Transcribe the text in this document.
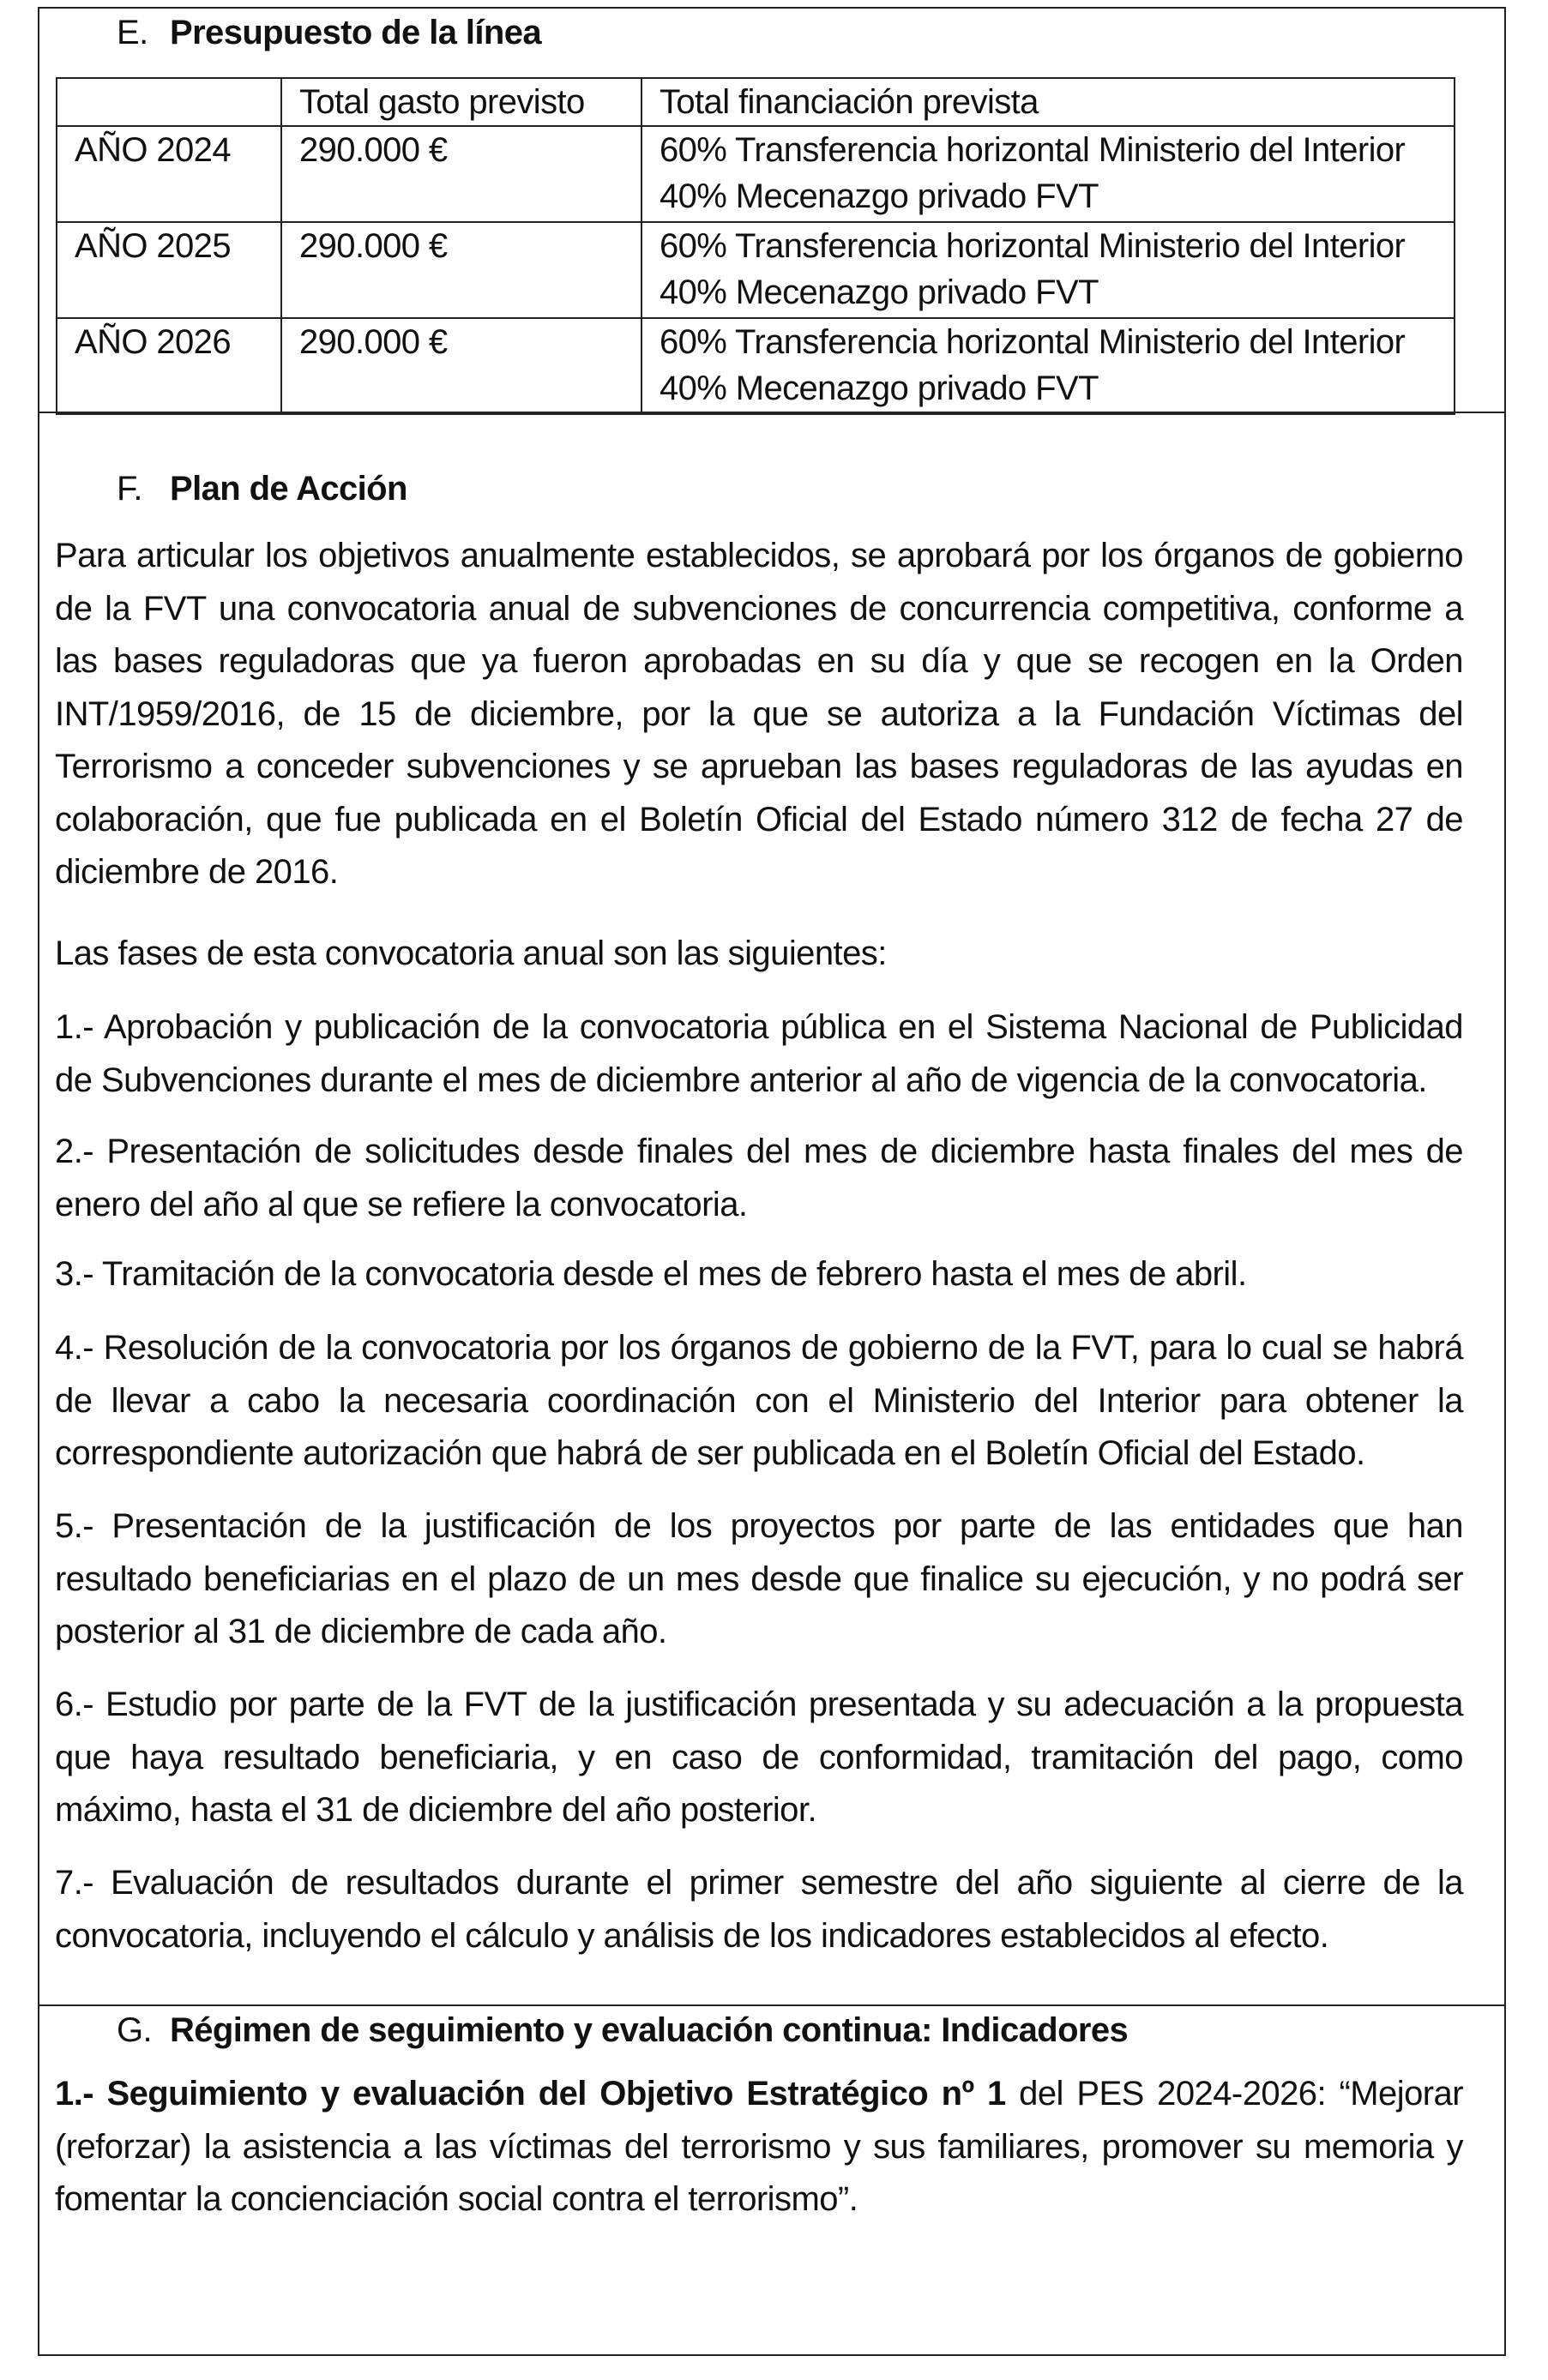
E. Presupuesto de la línea
	Total gasto previsto	Total financiación prevista
AÑO 2024	290.000 €	60% Transferencia horizontal Ministerio del Interior
40% Mecenazgo privado FVT

AÑO 2025	290.000 €	60% Transferencia horizontal Ministerio del Interior
40% Mecenazgo privado FVT

AÑO 2026	290.000 €	60% Transferencia horizontal Ministerio del Interior
40% Mecenazgo privado FVT
F. Plan de Acción

Para articular los objetivos anualmente establecidos, se aprobará por los órganos de gobierno de la FVT una convocatoria anual de subvenciones de concurrencia competitiva, conforme a las bases reguladoras que ya fueron aprobadas en su día y que se recogen en la Orden INT/1959/2016, de 15 de diciembre, por la que se autoriza a la Fundación Víctimas del Terrorismo a conceder subvenciones y se aprueban las bases reguladoras de las ayudas en colaboración, que fue publicada en el Boletín Oficial del Estado número 312 de fecha 27 de diciembre de 2016.

Las fases de esta convocatoria anual son las siguientes:

1.- Aprobación y publicación de la convocatoria pública en el Sistema Nacional de Publicidad de Subvenciones durante el mes de diciembre anterior al año de vigencia de la convocatoria.

2.- Presentación de solicitudes desde finales del mes de diciembre hasta finales del mes de enero del año al que se refiere la convocatoria.

3.- Tramitación de la convocatoria desde el mes de febrero hasta el mes de abril.

4.- Resolución de la convocatoria por los órganos de gobierno de la FVT, para lo cual se habrá de llevar a cabo la necesaria coordinación con el Ministerio del Interior para obtener la correspondiente autorización que habrá de ser publicada en el Boletín Oficial del Estado.

5.- Presentación de la justificación de los proyectos por parte de las entidades que han resultado beneficiarias en el plazo de un mes desde que finalice su ejecución, y no podrá ser posterior al 31 de diciembre de cada año.

6.- Estudio por parte de la FVT de la justificación presentada y su adecuación a la propuesta que haya resultado beneficiaria, y en caso de conformidad, tramitación del pago, como máximo, hasta el 31 de diciembre del año posterior.

7.- Evaluación de resultados durante el primer semestre del año siguiente al cierre de la convocatoria, incluyendo el cálculo y análisis de los indicadores establecidos al efecto.

G. Régimen de seguimiento y evaluación continua: Indicadores

1.- Seguimiento y evaluación del Objetivo Estratégico nº 1 del PES 2024-2026: “Mejorar (reforzar) la asistencia a las víctimas del terrorismo y sus familiares, promover su memoria y fomentar la concienciación social contra el terrorismo”.
